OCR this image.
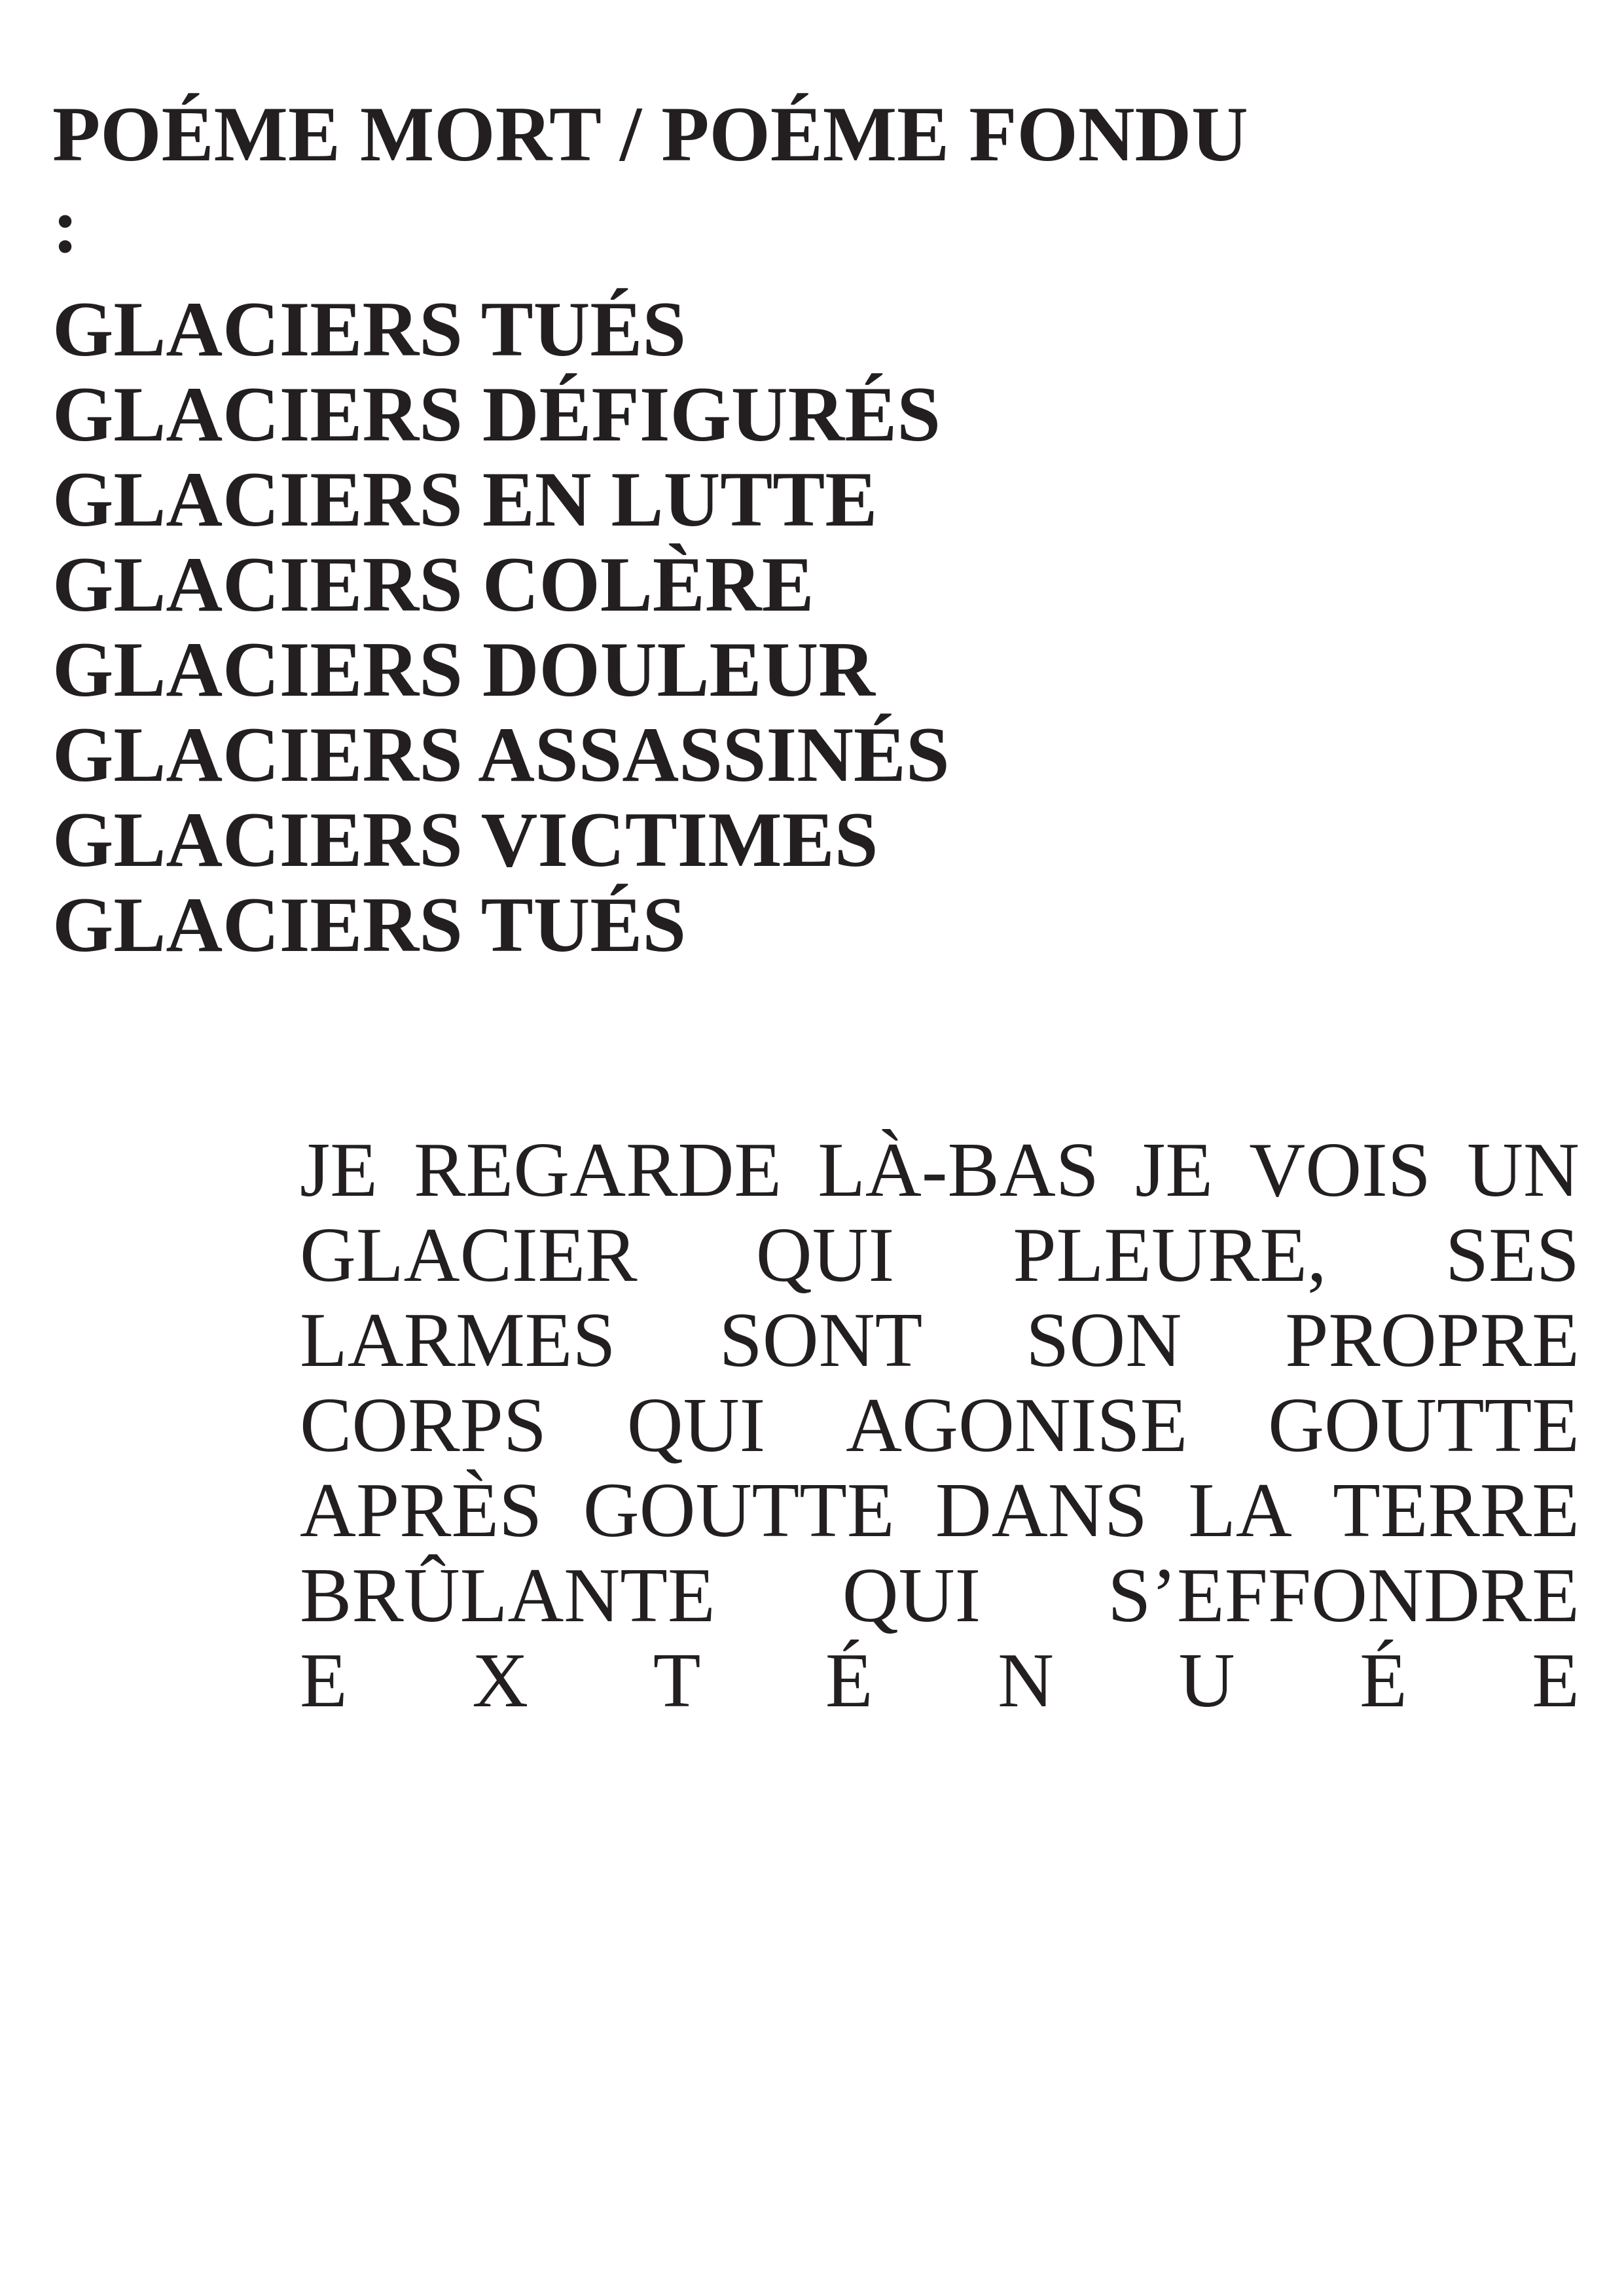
POÉME MORT / POÉME FONDU
:
GLACIERS TUÉS
GLACIERS DÉFIGURÉS
GLACIERS EN LUTTE
GLACIERS COLÈRE
GLACIERS DOULEUR
GLACIERS ASSASSINÉS
GLACIERS VICTIMES
GLACIERS TUÉS
JE REGARDE LÀ-BAS JE VOIS UN
GLACIER QUI PLEURE, SES
LARMES SONT SON PROPRE
CORPS QUI AGONISE GOUTTE
APRÈS GOUTTE DANS LA TERRE
BRÛLANTE QUI S’EFFONDRE
E X T É N U É E
